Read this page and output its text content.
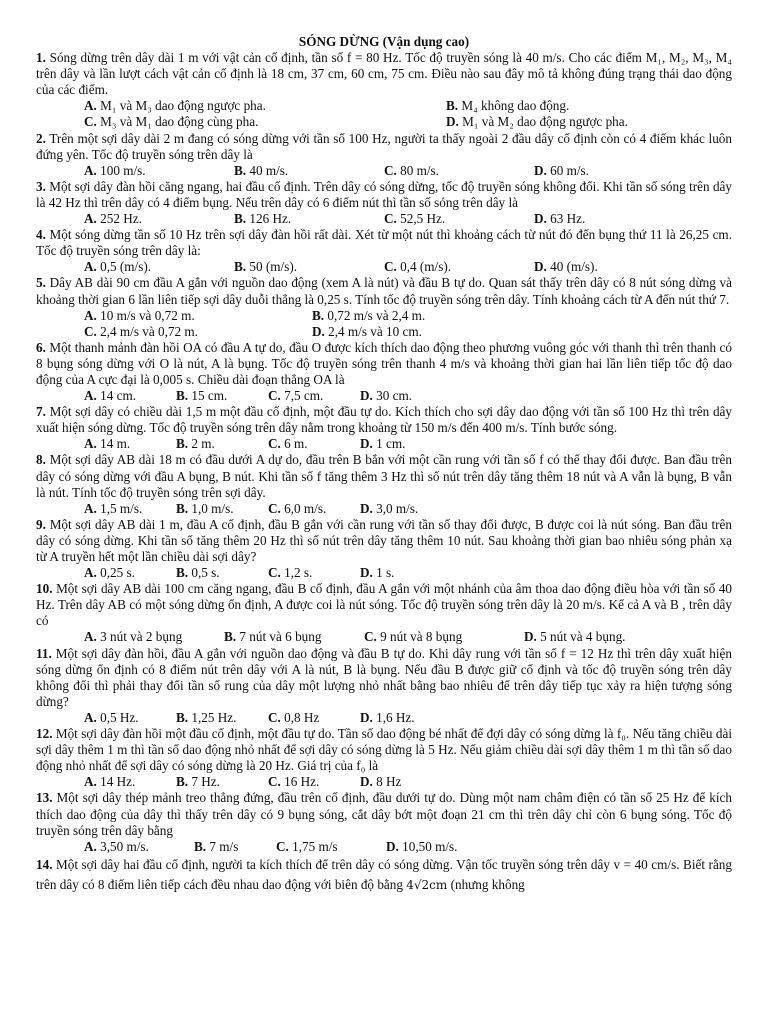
SÓNG DỪNG (Vận dụng cao)

1. Sóng dừng trên dây dài 1 m với vật cản cố định, tần số f = 80 Hz. Tốc độ truyền sóng là 40 m/s. Cho các điểm M₁, M₂, M₃, M₄ trên dây và lần lượt cách vật cản cố định là 18 cm, 37 cm, 60 cm, 75 cm. Điều nào sau đây mô tả không đúng trạng thái dao động của các điểm.

A. M₁ và M₃ dao động ngược pha.	B. M₄ không dao động.
C. M₃ và M₁ dao động cùng pha.	D. M₁ và M₂ dao động ngược pha.

2. Trên một sợi dây dài 2 m đang có sóng dừng với tần số 100 Hz, người ta thấy ngoài 2 đầu dây cố định còn có 4 điểm khác luôn đứng yên. Tốc độ truyền sóng trên dây là

A. 100 m/s.	B. 40 m/s.	C. 80 m/s.	D. 60 m/s.

3. Một sợi dây đàn hồi căng ngang, hai đầu cố định. Trên dây có sóng dừng, tốc độ truyền sóng không đổi. Khi tần số sóng trên dây là 42 Hz thì trên dây có 4 điểm bụng. Nếu trên dây có 6 điểm nút thì tần số sóng trên dây là

A. 252 Hz.	B. 126 Hz.	C. 52,5 Hz.	D. 63 Hz.

4. Một sóng dừng tần số 10 Hz trên sợi dây đàn hồi rất dài. Xét từ một nút thì khoảng cách từ nút đó đến bụng thứ 11 là 26,25 cm. Tốc độ truyền sóng trên dây là:

A. 0,5 (m/s).	B. 50 (m/s).	C. 0,4 (m/s).	D. 40 (m/s).

5. Dây AB dài 90 cm đầu A gắn với nguồn dao động (xem A là nút) và đầu B tự do. Quan sát thấy trên dây có 8 nút sóng dừng và khoảng thời gian 6 lần liên tiếp sợi dây duỗi thẳng là 0,25 s. Tính tốc độ truyền sóng trên dây. Tính khoảng cách từ A đến nút thứ 7.

A. 10 m/s và 0,72 m.	B. 0,72 m/s và 2,4 m.
C. 2,4 m/s và 0,72 m.	D. 2,4 m/s và 10 cm.

6. Một thanh mảnh đàn hồi OA có đầu A tự do, đầu O được kích thích dao động theo phương vuông góc với thanh thì trên thanh có 8 bụng sóng dừng với O là nút, A là bụng. Tốc độ truyền sóng trên thanh 4 m/s và khoảng thời gian hai lần liên tiếp tốc độ dao động của A cực đại là 0,005 s. Chiều dài đoạn thẳng OA là

A. 14 cm.	B. 15 cm.	C. 7,5 cm.	D. 30 cm.

7. Một sợi dây có chiều dài 1,5 m một đầu cố định, một đầu tự do. Kích thích cho sợi dây dao động với tần số 100 Hz thì trên dây xuất hiện sóng dừng. Tốc độ truyền sóng trên dây nằm trong khoảng từ 150 m/s đến 400 m/s. Tính bước sóng.

A. 14 m.	B. 2 m.	C. 6 m.	D. 1 cm.

8. Một sợi dây AB dài 18 m có đầu dưới A dự do, đầu trên B bắn với một cần rung với tần số f có thể thay đổi được. Ban đầu trên dây có sóng dừng với đầu A bụng, B nút. Khi tần số f tăng thêm 3 Hz thì số nút trên dây tăng thêm 18 nút và A vẫn là bụng, B vẫn là nút. Tính tốc độ truyền sóng trên sợi dây.

A. 1,5 m/s.	B. 1,0 m/s.	C. 6,0 m/s.	D. 3,0 m/s.

9. Một sợi dây AB dài 1 m, đầu A cố định, đầu B gắn với cần rung với tần số thay đổi được, B được coi là nút sóng. Ban đầu trên dây có sóng dừng. Khi tần số tăng thêm 20 Hz thì số nút trên dây tăng thêm 10 nút. Sau khoảng thời gian bao nhiêu sóng phản xạ từ A truyền hết một lần chiều dài sợi dây?

A. 0,25 s.	B. 0,5 s.	C. 1,2 s.	D. 1 s.

10. Một sợi dây AB dài 100 cm căng ngang, đầu B cố định, đầu A gắn với một nhánh của âm thoa dao động điều hòa với tần số 40 Hz. Trên dây AB có một sóng dừng ổn định, A được coi là nút sóng. Tốc độ truyền sóng trên dây là 20 m/s. Kể cả A và B , trên dây có

A. 3 nút và 2 bụng	B. 7 nút và 6 bụng	C. 9 nút và 8 bụng	D. 5 nút và 4 bụng.

11. Một sợi dây đàn hồi, đầu A gắn với nguồn dao động và đầu B tự do. Khi dây rung với tần số f = 12 Hz thì trên dây xuất hiện sóng dừng ổn định có 8 điểm nút trên dây với A là nút, B là bụng. Nếu đầu B được giữ cố định và tốc độ truyền sóng trên dây không đổi thì phải thay đổi tần số rung của dây một lượng nhỏ nhất bằng bao nhiêu để trên dây tiếp tục xảy ra hiện tượng sóng dừng?

A. 0,5 Hz.	B. 1,25 Hz.	C. 0,8 Hz	D. 1,6 Hz.

12. Một sợi dây đàn hồi một đầu cố định, một đầu tự do. Tần số dao động bé nhất để đợi dây có sóng dừng là f₀. Nếu tăng chiều dài sợi dây thêm 1 m thì tần số dao động nhỏ nhất để sợi dây có sóng dừng là 5 Hz. Nếu giảm chiều dài sợi dây thêm 1 m thì tần số dao động nhỏ nhất để sợi dây có sóng dừng là 20 Hz. Giá trị của f₀ là

A. 14 Hz.	B. 7 Hz.	C. 16 Hz.	D. 8 Hz

13. Một sợi dây thép mảnh treo thẳng đứng, đầu trên cố định, đầu dưới tự do. Dùng một nam châm điện có tần số 25 Hz để kích thích dao động của dây thì thấy trên dây có 9 bụng sóng, cắt dây bớt một đoạn 21 cm thì trên dây chỉ còn 6 bụng sóng. Tốc độ truyền sóng trên dây bằng

A. 3,50 m/s.	B. 7 m/s	C. 1,75 m/s	D. 10,50 m/s.

14. Một sợi dây hai đầu cố định, người ta kích thích để trên dây có sóng dừng. Vận tốc truyền sóng trên dây v = 40 cm/s. Biết rằng trên dây có 8 điểm liên tiếp cách đều nhau dao động với biên độ bằng 4√2cm (nhưng không
